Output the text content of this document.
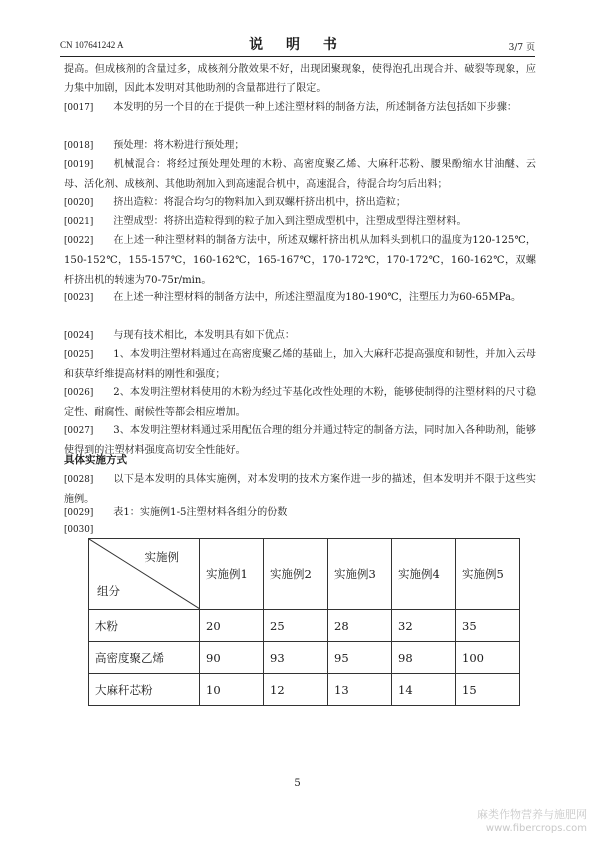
CN 107641242 A	说 明 书	3/7 页
提高。但成核剂的含量过多，成核剂分散效果不好，出现团聚现象，使得泡孔出现合并、破裂等现象，应力集中加剧，因此本发明对其他助剂的含量都进行了限定。
[0017] 本发明的另一个目的在于提供一种上述注塑材料的制备方法，所述制备方法包括如下步骤：
[0018] 预处理：将木粉进行预处理；
[0019] 机械混合：将经过预处理处理的木粉、高密度聚乙烯、大麻秆芯粉、腰果酚缩水甘油醚、云母、活化剂、成核剂、其他助剂加入到高速混合机中，高速混合，待混合均匀后出料；
[0020] 挤出造粒：将混合均匀的物料加入到双螺杆挤出机中，挤出造粒；
[0021] 注塑成型：将挤出造粒得到的粒子加入到注塑成型机中，注塑成型得注塑材料。
[0022] 在上述一种注塑材料的制备方法中，所述双螺杆挤出机从加料头到机口的温度为120-125℃，150-152℃，155-157℃，160-162℃，165-167℃，170-172℃，170-172℃，160-162℃，双螺杆挤出机的转速为70-75r/min。
[0023] 在上述一种注塑材料的制备方法中，所述注塑温度为180-190℃，注塑压力为60-65MPa。
[0024] 与现有技术相比，本发明具有如下优点：
[0025] 1、本发明注塑材料通过在高密度聚乙烯的基础上，加入大麻秆芯提高强度和韧性，并加入云母和获草纤维提高材料的刚性和强度；
[0026] 2、本发明注塑材料使用的木粉为经过苄基化改性处理的木粉，能够使制得的注塑材料的尺寸稳定性、耐腐性、耐候性等都会相应增加。
[0027] 3、本发明注塑材料通过采用配伍合理的组分并通过特定的制备方法，同时加入各种助剂，能够使得到的注塑材料强度高切安全性能好。
具体实施方式
[0028] 以下是本发明的具体实施例，对本发明的技术方案作进一步的描述，但本发明并不限于这些实施例。
[0029] 表1：实施例1-5注塑材料各组分的份数
[0030]
实施例
组分	实施例1	实施例2	实施例3	实施例4	实施例5
木粉	20	25	28	32	35
高密度聚乙烯	90	93	95	98	100
大麻秆芯粉	10	12	13	14	15
5
麻类作物营养与施肥网
www.fibercrops.com
